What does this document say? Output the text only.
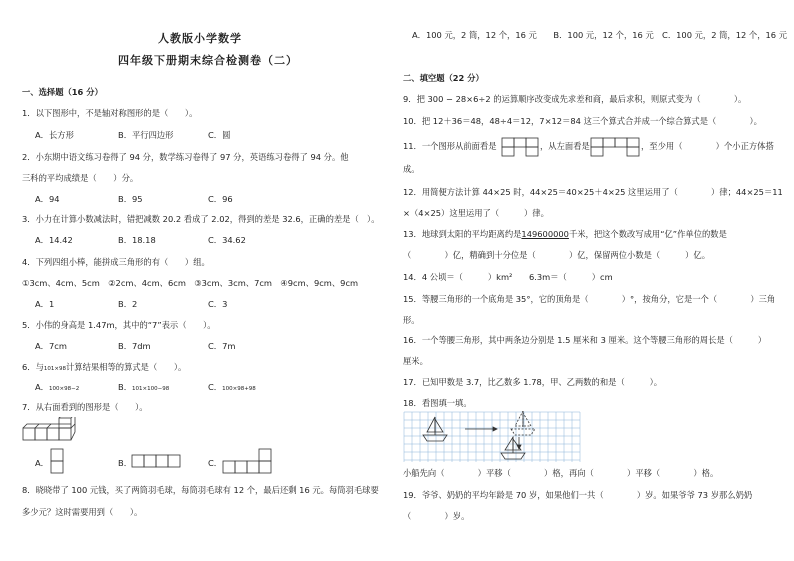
人教版小学数学
四年级下册期末综合检测卷（二）
一、选择题（16 分）
1．以下图形中，不是轴对称图形的是（　　）。
A．长方形	B．平行四边形	C．圆
2．小东期中语文练习卷得了 94 分，数学练习卷得了 97 分，英语练习卷得了 94 分。他
三科的平均成绩是（　　）分。
A．94	B．95	C．96
3．小力在计算小数减法时，错把减数 20.2 看成了 2.02，得到的差是 32.6，正确的差是（　）。
A．14.42	B．18.18	C．34.62
4．下列四组小棒，能拼成三角形的有（　　）组。
①3cm、4cm、5cm　②2cm、4cm、6cm　③3cm、3cm、7cm　④9cm、9cm、9cm
A．1	B．2	C．3
5．小伟的身高是 1.47m，其中的“7”表示（　　）。
A．7cm	B．7dm	C．7m
6．与101×98计算结果相等的算式是（　　）。
A．100×98−2	B．101×100−98	C．100×98+98
7．从右面看到的图形是（　　）。
A．	B．	C．
8．晓晓带了 100 元钱，买了两筒羽毛球，每筒羽毛球有 12 个，最后还剩 16 元。每筒羽毛球要
多少元？这时需要用到（　　）。
A．100 元，2 筒，12 个，16 元　　B．100 元，12 个，16 元　C．100 元，2 筒，12 个，16 元
二、填空题（22 分）
9．把 300 − 28×6÷2 的运算顺序改变成先求差和商，最后求积，则原式变为（　　　　）。
10．把 12＋36＝48，48÷4＝12，7×12＝84 这三个算式合并成一个综合算式是（　　　　）。
11．一个图形从前面看是	，从左面看是	，至少用（　　　　）个小正方体搭
成。
12．用简便方法计算 44×25 时，44×25＝40×25＋4×25 这里运用了（　　　　）律；44×25＝11
×（4×25）这里运用了（　　　）律。
13．地球到太阳的平均距离约是149600000千米，把这个数改写成用“亿”作单位的数是
（　　　　）亿，精确到十分位是（　　　　）亿，保留两位小数是（　　　）亿。
14．4 公顷＝（　　　）km²　　6.3m＝（　　　）cm
15．等腰三角形的一个底角是 35°，它的顶角是（　　　　）°，按角分，它是一个（　　　　）三角
形。
16．一个等腰三角形，其中两条边分别是 1.5 厘米和 3 厘米。这个等腰三角形的周长是（　　　）
厘米。
17．已知甲数是 3.7，比乙数多 1.78，甲、乙两数的和是（　　　）。
18．看图填一填。
小船先向（　　　　）平移（　　　　）格，再向（　　　　）平移（　　　　）格。
19．爷爷、奶奶的平均年龄是 70 岁，如果他们一共（　　　　）岁。如果爷爷 73 岁那么奶奶
（　　　　）岁。
